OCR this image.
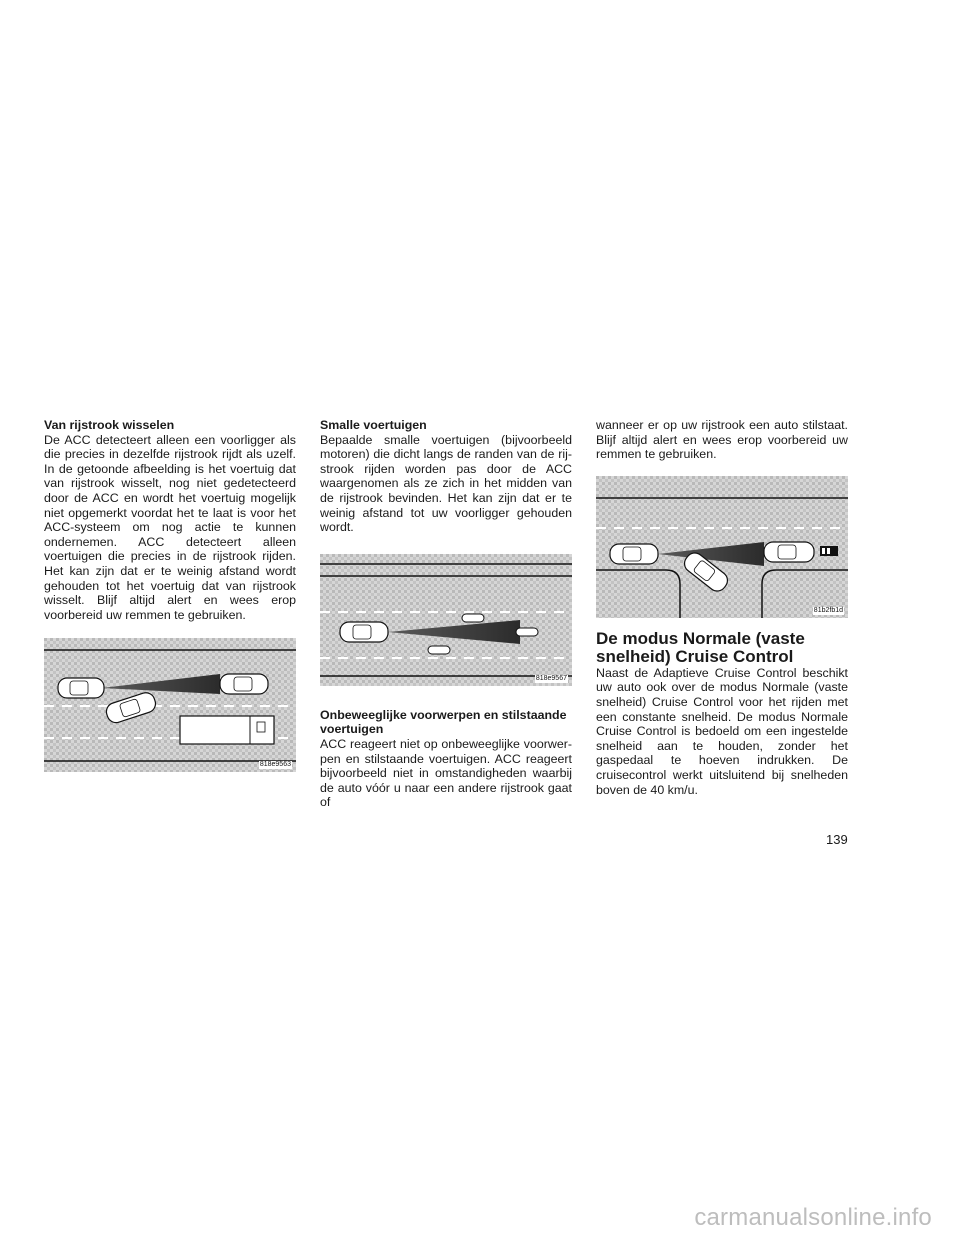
Van rijstrook wisselen

De ACC detecteert alleen een voorligger als die precies in dezelfde rijstrook rijdt als uzelf. In de getoonde afbeelding is het voertuig dat van rijstrook wisselt, nog niet gedetecteerd door de ACC en wordt het voertuig mogelijk niet opgemerkt voordat het te laat is voor het ACC-systeem om nog actie te kunnen ondernemen. ACC detecteert alleen voertuigen die precies in de rijstrook rijden. Het kan zijn dat er te weinig afstand wordt gehouden tot het voertuig dat van rijstrook wisselt. Blijf altijd alert en wees erop voorbereid uw remmen te gebruiken.

818e9563

Smalle voertuigen

Bepaalde smalle voertuigen (bijvoorbeeld motoren) die dicht langs de randen van de rijstrook rijden worden pas door de ACC waargenomen als ze zich in het midden van de rijstrook bevinden. Het kan zijn dat er te weinig afstand tot uw voorligger gehouden wordt.

818e9567

Onbeweeglijke voorwerpen en stilstaande voertuigen

ACC reageert niet op onbeweeglijke voorwerpen en stilstaande voertuigen. ACC reageert bijvoorbeeld niet in omstandigheden waarbij de auto vóór u naar een andere rijstrook gaat of

wanneer er op uw rijstrook een auto stilstaat. Blijf altijd alert en wees erop voorbereid uw remmen te gebruiken.

81b2fb1d

De modus Normale (vaste snelheid) Cruise Control

Naast de Adaptieve Cruise Control beschikt uw auto ook over de modus Normale (vaste snelheid) Cruise Control voor het rijden met een constante snelheid. De modus Normale Cruise Control is bedoeld om een ingestelde snelheid aan te houden, zonder het gaspedaal te hoeven indrukken. De cruisecontrol werkt uitsluitend bij snelheden boven de 40 km/u.

139
carmanualsonline.info
